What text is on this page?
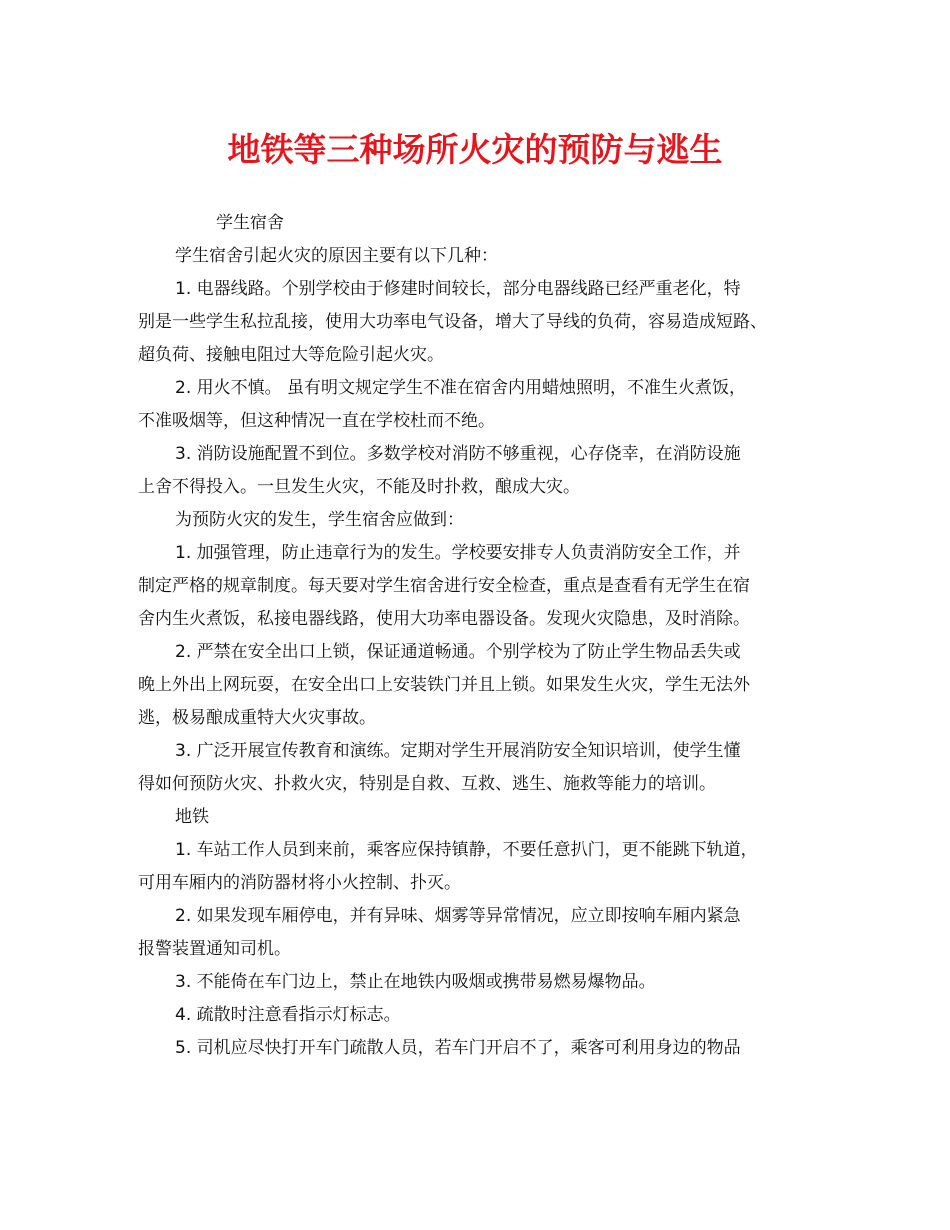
地铁等三种场所火灾的预防与逃生
学生宿舍
学生宿舍引起火灾的原因主要有以下几种：
1. 电器线路。个别学校由于修建时间较长，部分电器线路已经严重老化，特
别是一些学生私拉乱接，使用大功率电气设备，增大了导线的负荷，容易造成短路、
超负荷、接触电阻过大等危险引起火灾。
2. 用火不慎。 虽有明文规定学生不准在宿舍内用蜡烛照明，不准生火煮饭，
不准吸烟等，但这种情况一直在学校杜而不绝。
3. 消防设施配置不到位。多数学校对消防不够重视，心存侥幸，在消防设施
上舍不得投入。一旦发生火灾，不能及时扑救，酿成大灾。
为预防火灾的发生，学生宿舍应做到：
1. 加强管理，防止违章行为的发生。学校要安排专人负责消防安全工作，并
制定严格的规章制度。每天要对学生宿舍进行安全检查，重点是查看有无学生在宿
舍内生火煮饭，私接电器线路，使用大功率电器设备。发现火灾隐患，及时消除。
2. 严禁在安全出口上锁，保证通道畅通。个别学校为了防止学生物品丢失或
晚上外出上网玩耍，在安全出口上安装铁门并且上锁。如果发生火灾，学生无法外
逃，极易酿成重特大火灾事故。
3. 广泛开展宣传教育和演练。定期对学生开展消防安全知识培训，使学生懂
得如何预防火灾、扑救火灾，特别是自救、互救、逃生、施救等能力的培训。
地铁
1. 车站工作人员到来前，乘客应保持镇静，不要任意扒门，更不能跳下轨道，
可用车厢内的消防器材将小火控制、扑灭。
2. 如果发现车厢停电，并有异味、烟雾等异常情况，应立即按响车厢内紧急
报警装置通知司机。
3. 不能倚在车门边上，禁止在地铁内吸烟或携带易燃易爆物品。
4. 疏散时注意看指示灯标志。
5. 司机应尽快打开车门疏散人员，若车门开启不了，乘客可利用身边的物品
